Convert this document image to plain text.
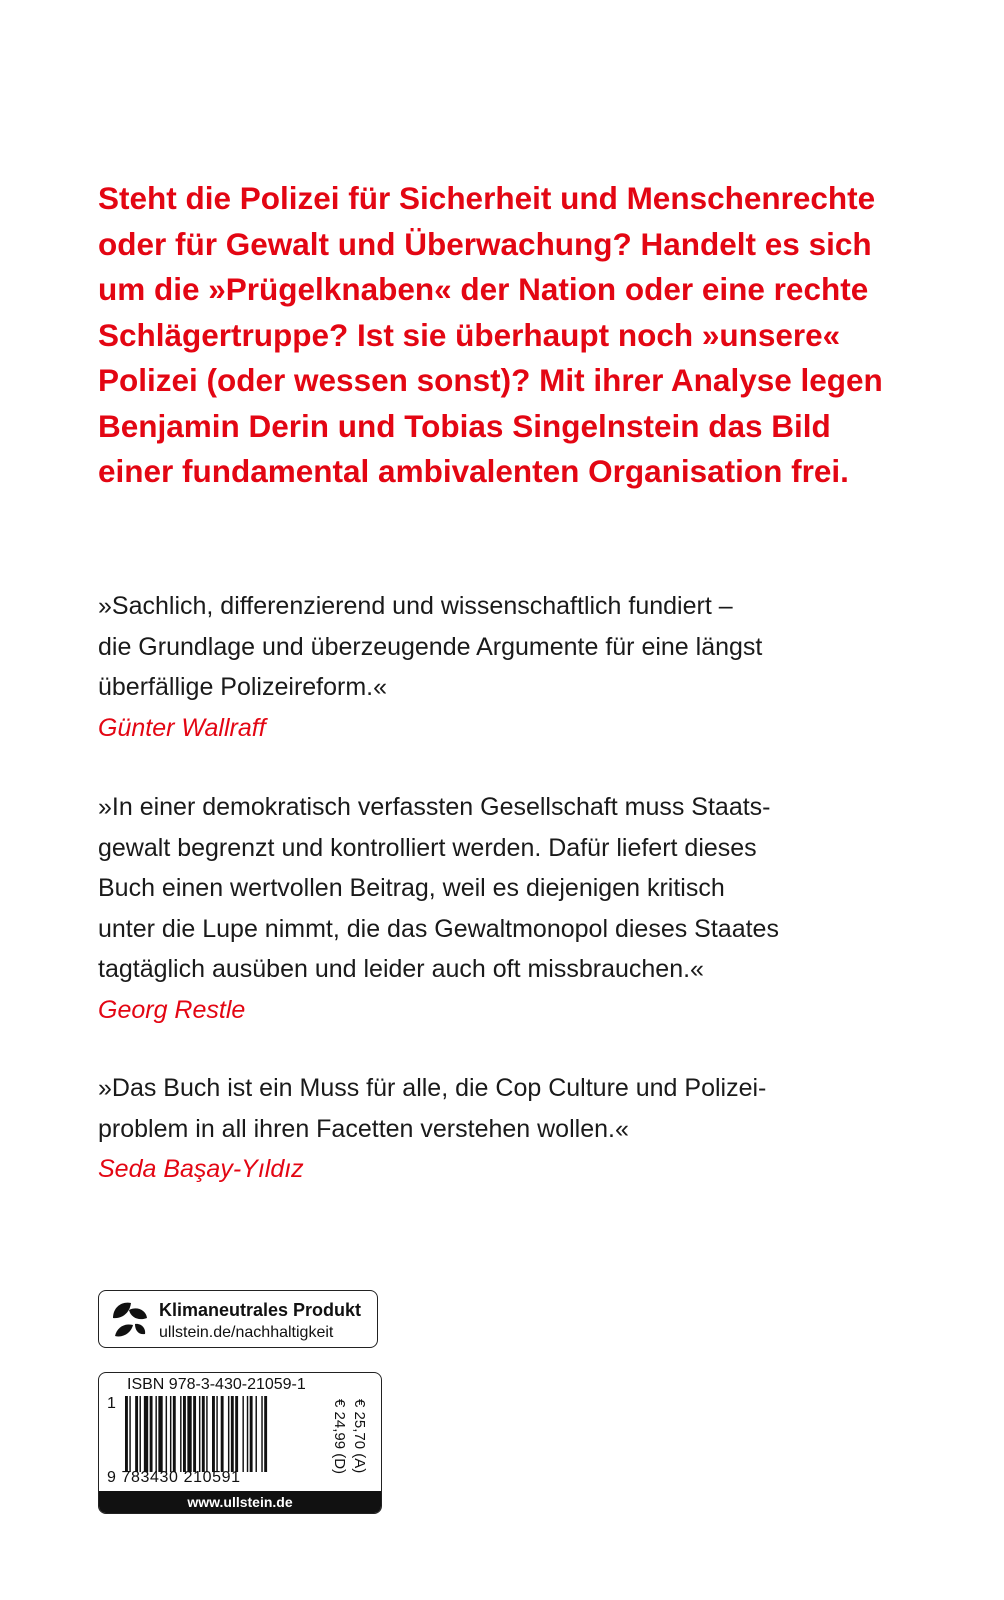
Steht die Polizei für Sicherheit und Menschenrechte
oder für Gewalt und Überwachung? Handelt es sich
um die »Prügelknaben« der Nation oder eine rechte
Schlägertruppe? Ist sie überhaupt noch »unsere«
Polizei (oder wessen sonst)? Mit ihrer Analyse legen
Benjamin Derin und Tobias Singelnstein das Bild
einer fundamental ambivalenten Organisation frei.
»Sachlich, differenzierend und wissenschaftlich fundiert –
die Grundlage und überzeugende Argumente für eine längst
überfällige Polizeireform.«
Günter Wallraff
»In einer demokratisch verfassten Gesellschaft muss Staats-
gewalt begrenzt und kontrolliert werden. Dafür liefert dieses
Buch einen wertvollen Beitrag, weil es diejenigen kritisch
unter die Lupe nimmt, die das Gewaltmonopol dieses Staates
tagtäglich ausüben und leider auch oft missbrauchen.«
Georg Restle
»Das Buch ist ein Muss für alle, die Cop Culture und Polizei-
problem in all ihren Facetten verstehen wollen.«
Seda Başay-Yıldız
Klimaneutrales Produkt
ullstein.de/nachhaltigkeit
ISBN 978-3-430-21059-1
1
9 783430 210591
€ 24,99 (D) € 25,70 (A)
www.ullstein.de
